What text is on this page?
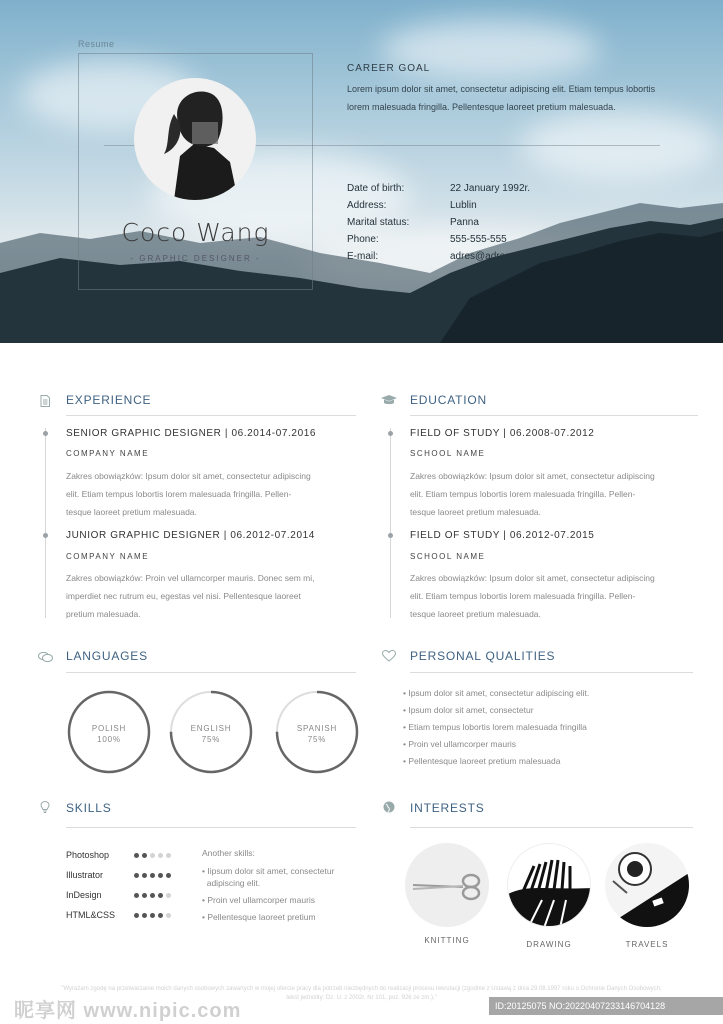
Resume
Coco Wang
- GRAPHIC DESIGNER -
CAREER GOAL
Lorem ipsum dolor sit amet, consectetur adipiscing elit. Etiam tempus lobortis lorem malesuada fringilla. Pellentesque laoreet pretium malesuada.
Date of birth:	22 January 1992r.
Address:	Lublin
Marital status:	Panna
Phone:	555-555-555
E-mail:	adres@adres.pl
EXPERIENCE
SENIOR GRAPHIC DESIGNER | 06.2014-07.2016
COMPANY NAME
Zakres obowiązków: Ipsum dolor sit amet, consectetur adipiscing
elit. Etiam tempus lobortis lorem malesuada fringilla. Pellen-
tesque laoreet pretium malesuada.
JUNIOR GRAPHIC DESIGNER | 06.2012-07.2014
COMPANY NAME
Zakres obowiązków: Proin vel ullamcorper mauris. Donec sem mi,
imperdiet nec rutrum eu, egestas vel nisi. Pellentesque laoreet
pretium malesuada.
EDUCATION
FIELD OF STUDY | 06.2008-07.2012
SCHOOL NAME
Zakres obowiązków: Ipsum dolor sit amet, consectetur adipiscing
elit. Etiam tempus lobortis lorem malesuada fringilla. Pellen-
tesque laoreet pretium malesuada.
FIELD OF STUDY | 06.2012-07.2015
SCHOOL NAME
Zakres obowiązków: Ipsum dolor sit amet, consectetur adipiscing
elit. Etiam tempus lobortis lorem malesuada fringilla. Pellen-
tesque laoreet pretium malesuada.
LANGUAGES
POLISH
100%
ENGLISH
75%
SPANISH
75%
PERSONAL QUALITIES
• Ipsum dolor sit amet, consectetur adipiscing elit.
• Ipsum dolor sit amet, consectetur
• Etiam tempus lobortis lorem malesuada fringilla
• Proin vel ullamcorper mauris
• Pellentesque laoreet pretium malesuada
SKILLS
Photoshop
Illustrator
InDesign
HTML&CSS
Another skills:
• Iipsum dolor sit amet, consectetur
adipiscing elit.
• Proin vel ullamcorper mauris
• Pellentesque laoreet pretium
INTERESTS
KNITTING	DRAWING	TRAVELS
"Wyrażam zgodę na przetwarzanie moich danych osobowych zawartych w mojej ofercie pracy dla potrzeb niezbędnych do realizacji procesu rekrutacji (zgodnie z Ustawą z dnia 29.08.1997 roku o Ochronie Danych Osobowych; tekst jednolity: Dz. U. z 2002r. Nr 101, poz. 926 ze zm.)."
昵享网 www.nipic.com	ID:20125075 NO:20220407233146704128
